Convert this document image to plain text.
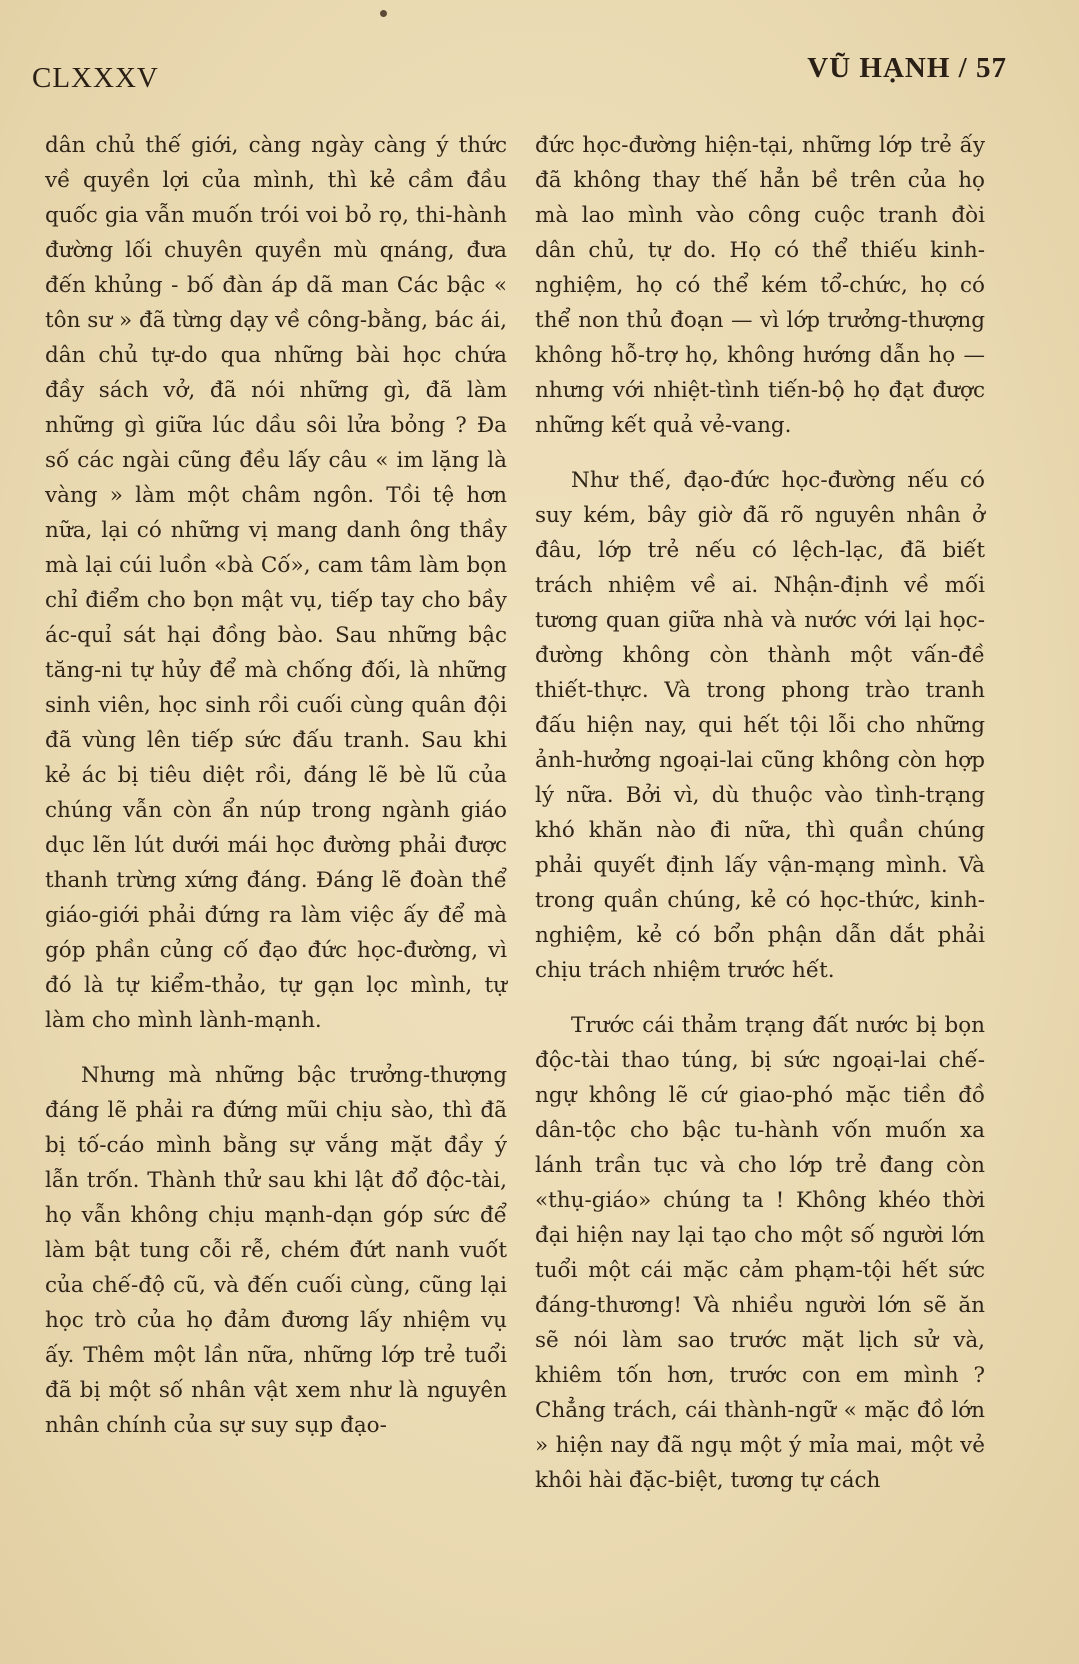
CLXXXV	VŨ HẠNH / 57

dân chủ thế giới, càng ngày càng ý thức về quyền lợi của mình, thì kẻ cầm đầu quốc gia vẫn muốn trói voi bỏ rọ, thi-hành đường lối chuyên quyền mù qnáng, đưa đến khủng - bố đàn áp dã man Các bậc « tôn sư » đã từng dạy về công-bằng, bác ái, dân chủ tự-do qua những bài học chứa đầy sách vở, đã nói những gì, đã làm những gì giữa lúc dầu sôi lửa bỏng ? Đa số các ngài cũng đều lấy câu « im lặng là vàng » làm một châm ngôn. Tồi tệ hơn nữa, lại có những vị mang danh ông thầy mà lại cúi luồn «bà Cố», cam tâm làm bọn chỉ điểm cho bọn mật vụ, tiếp tay cho bầy ác-quỉ sát hại đồng bào. Sau những bậc tăng-ni tự hủy để mà chống đối, là những sinh viên, học sinh rồi cuối cùng quân đội đã vùng lên tiếp sức đấu tranh. Sau khi kẻ ác bị tiêu diệt rồi, đáng lẽ bè lũ của chúng vẫn còn ẩn núp trong ngành giáo dục lẽn lút dưới mái học đường phải được thanh trừng xứng đáng. Đáng lẽ đoàn thể giáo-giới phải đứng ra làm việc ấy để mà góp phần củng cố đạo đức học-đường, vì đó là tự kiểm-thảo, tự gạn lọc mình, tự làm cho mình lành-mạnh.

Nhưng mà những bậc trưởng-thượng đáng lẽ phải ra đứng mũi chịu sào, thì đã bị tố-cáo mình bằng sự vắng mặt đầy ý lẫn trốn. Thành thử sau khi lật đổ độc-tài, họ vẫn không chịu mạnh-dạn góp sức để làm bật tung cỗi rễ, chém đứt nanh vuốt của chế-độ cũ, và đến cuối cùng, cũng lại học trò của họ đảm đương lấy nhiệm vụ ấy. Thêm một lần nữa, những lớp trẻ tuổi đã bị một số nhân vật xem như là nguyên nhân chính của sự suy sụp đạo-

đức học-đường hiện-tại, những lớp trẻ ấy đã không thay thế hẳn bề trên của họ mà lao mình vào công cuộc tranh đòi dân chủ, tự do. Họ có thể thiếu kinh-nghiệm, họ có thể kém tổ-chức, họ có thể non thủ đoạn — vì lớp trưởng-thượng không hỗ-trợ họ, không hướng dẫn họ — nhưng với nhiệt-tình tiến-bộ họ đạt được những kết quả vẻ-vang.

Như thế, đạo-đức học-đường nếu có suy kém, bây giờ đã rõ nguyên nhân ở đâu, lớp trẻ nếu có lệch-lạc, đã biết trách nhiệm về ai. Nhận-định về mối tương quan giữa nhà và nước với lại học-đường không còn thành một vấn-đề thiết-thực. Và trong phong trào tranh đấu hiện nay, qui hết tội lỗi cho những ảnh-hưởng ngoại-lai cũng không còn hợp lý nữa. Bởi vì, dù thuộc vào tình-trạng khó khăn nào đi nữa, thì quần chúng phải quyết định lấy vận-mạng mình. Và trong quần chúng, kẻ có học-thức, kinh-nghiệm, kẻ có bổn phận dẫn dắt phải chịu trách nhiệm trước hết.

Trước cái thảm trạng đất nước bị bọn độc-tài thao túng, bị sức ngoại-lai chế-ngự không lẽ cứ giao-phó mặc tiền đồ dân-tộc cho bậc tu-hành vốn muốn xa lánh trần tục và cho lớp trẻ đang còn «thụ-giáo» chúng ta ! Không khéo thời đại hiện nay lại tạo cho một số người lớn tuổi một cái mặc cảm phạm-tội hết sức đáng-thương! Và nhiều người lớn sẽ ăn sẽ nói làm sao trước mặt lịch sử và, khiêm tốn hơn, trước con em mình ? Chẳng trách, cái thành-ngữ « mặc đồ lớn » hiện nay đã ngụ một ý mỉa mai, một vẻ khôi hài đặc-biệt, tương tự cách
